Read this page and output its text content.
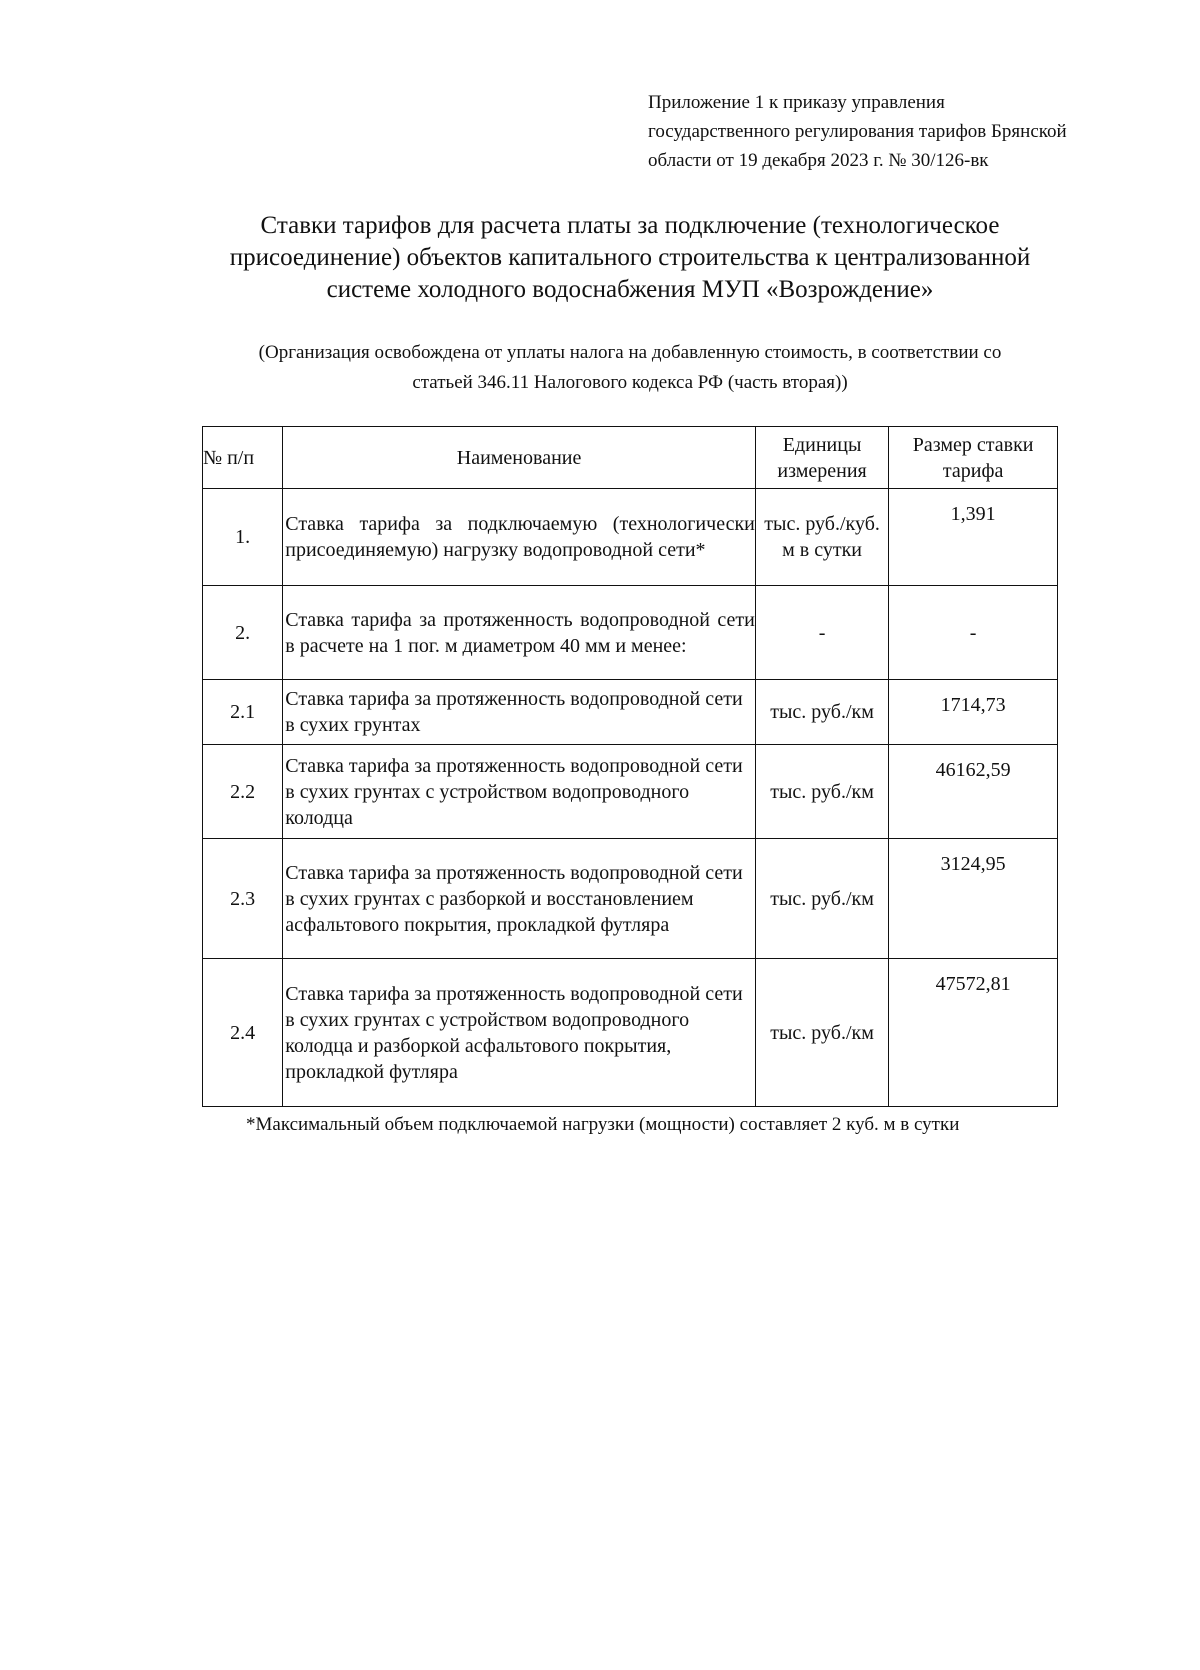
Приложение 1 к приказу управления
государственного регулирования тарифов Брянской
области от 19 декабря 2023 г. № 30/126-вк
Ставки тарифов для расчета платы за подключение (технологическое
присоединение) объектов капитального строительства к централизованной
системе холодного водоснабжения МУП «Возрождение»
(Организация освобождена от уплаты налога на добавленную стоимость, в соответствии со
статьей 346.11 Налогового кодекса РФ (часть вторая))
№ п/п	Наименование	Единицы измерения	Размер ставки тарифа
1.	Ставка тарифа за подключаемую (технологически присоединяемую) нагрузку водопроводной сети*	тыс. руб./куб. м в сутки	1,391
2.	Ставка тарифа за протяженность водопроводной сети в расчете на 1 пог. м диаметром 40 мм и менее:	-	-
2.1	Ставка тарифа за протяженность водопроводной сети в сухих грунтах	тыс. руб./км	1714,73
2.2	Ставка тарифа за протяженность водопроводной сети в сухих грунтах с устройством водопроводного колодца	тыс. руб./км	46162,59
2.3	Ставка тарифа за протяженность водопроводной сети в сухих грунтах с разборкой и восстановлением асфальтового покрытия, прокладкой футляра	тыс. руб./км	3124,95
2.4	Ставка тарифа за протяженность водопроводной сети в сухих грунтах с устройством водопроводного колодца и разборкой асфальтового покрытия, прокладкой футляра	тыс. руб./км	47572,81
*Максимальный объем подключаемой нагрузки (мощности) составляет 2 куб. м в сутки
